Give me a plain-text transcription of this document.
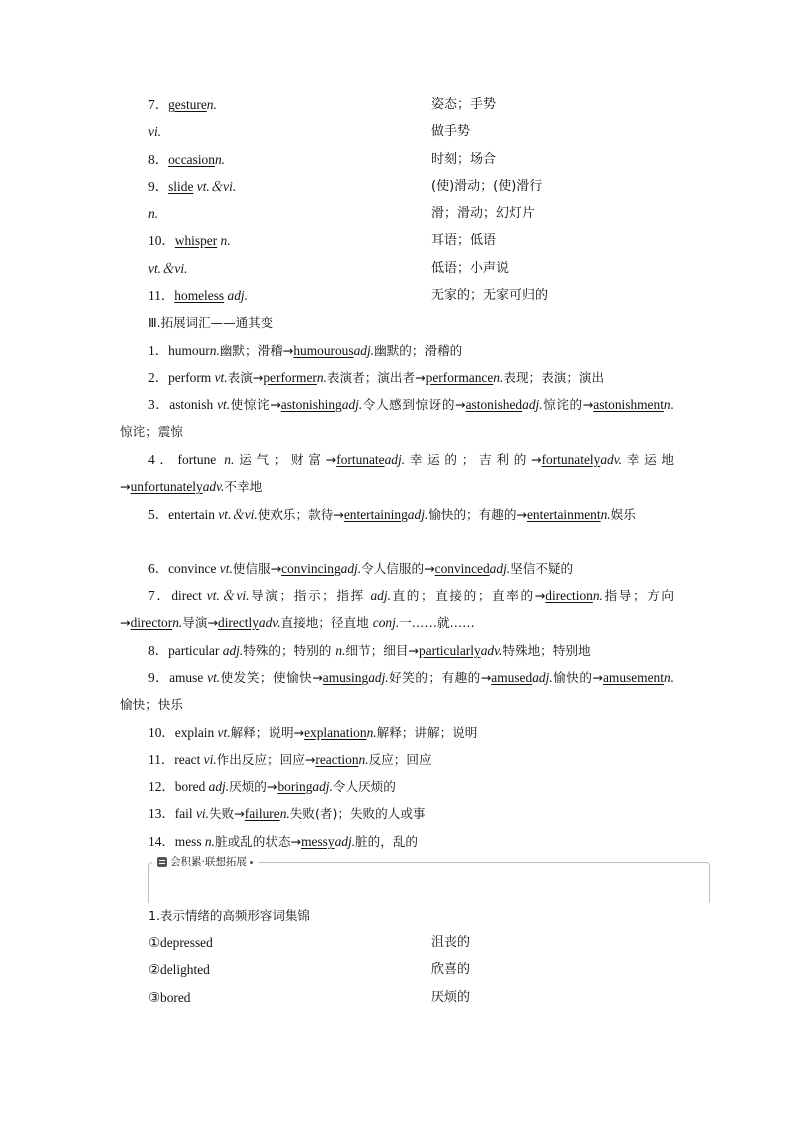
7．gesturen.	姿态；手势
vi.	做手势
8．occasionn.	时刻；场合
9．slide vt.＆vi.	(使)滑动；(使)滑行
n.	滑；滑动；幻灯片
10．whisper n.	耳语；低语
vt.＆vi.	低语；小声说
11．homeless adj.	无家的；无家可归的
Ⅲ.拓展词汇——通其变
1．humourn.幽默；滑稽→humourousadj.幽默的；滑稽的
2．perform vt.表演→performern.表演者；演出者→performancen.表现；表演；演出
3．astonish vt.使惊诧→astonishingadj.令人感到惊讶的→astonishedadj.惊诧的→astonishmentn.惊诧；震惊
4．fortune n.运气；财富→fortunateadj.幸运的；吉利的→fortunatelyadv.幸运地→unfortunatelyadv.不幸地
5．entertain vt.＆vi.使欢乐；款待→entertainingadj.愉快的；有趣的→entertainmentn.娱乐
6．convince vt.使信服→convincingadj.令人信服的→convincedadj.坚信不疑的
7．direct vt.＆vi.导演；指示；指挥 adj.直的；直接的；直率的→directionn.指导；方向→directorn.导演→directlyadv.直接地；径直地 conj.一……就……
8．particular adj.特殊的；特别的 n.细节；细目→particularlyadv.特殊地；特别地
9．amuse vt.使发笑；使愉快→amusingadj.好笑的；有趣的→amusedadj.愉快的→amusementn.愉快；快乐
10．explain vt.解释；说明→explanationn.解释；讲解；说明
11．react vi.作出反应；回应→reactionn.反应；回应
12．bored adj.厌烦的→boringadj.令人厌烦的
13．fail vi.失败→failuren.失败(者)；失败的人或事
14．mess n.脏或乱的状态→messyadj.脏的，乱的
会积累·联想拓展
1.表示情绪的高频形容词集锦
①depressed	沮丧的
②delighted	欣喜的
③bored	厌烦的
